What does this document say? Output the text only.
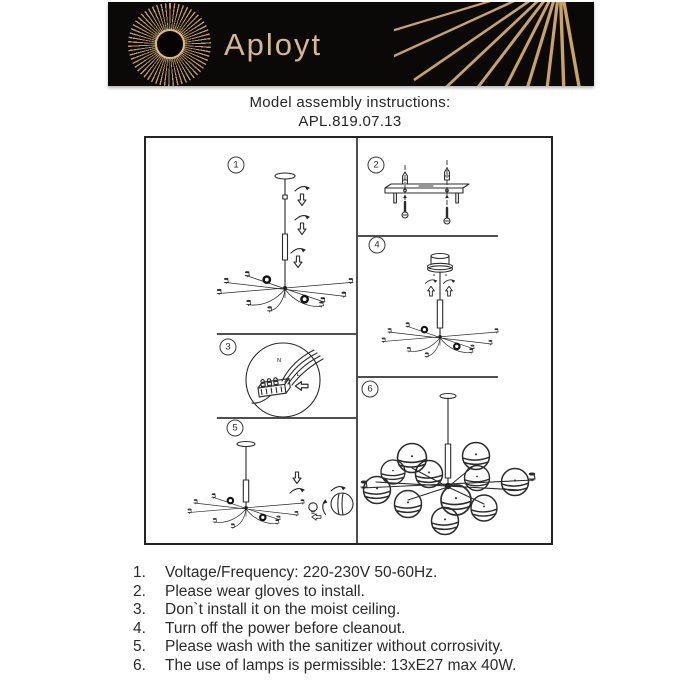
Aployt
Model assembly instructions:
APL.819.07.13
N
L
1	2
3
4
5
6
1.	Voltage/Frequency: 220-230V 50-60Hz.
2.	Please wear gloves to install.
3.	Don`t install it on the moist ceiling.
4.	Turn off the power before cleanout.
5.	Please wash with the sanitizer without corrosivity.
6.	The use of lamps is permissible: 13xE27 max 40W.
